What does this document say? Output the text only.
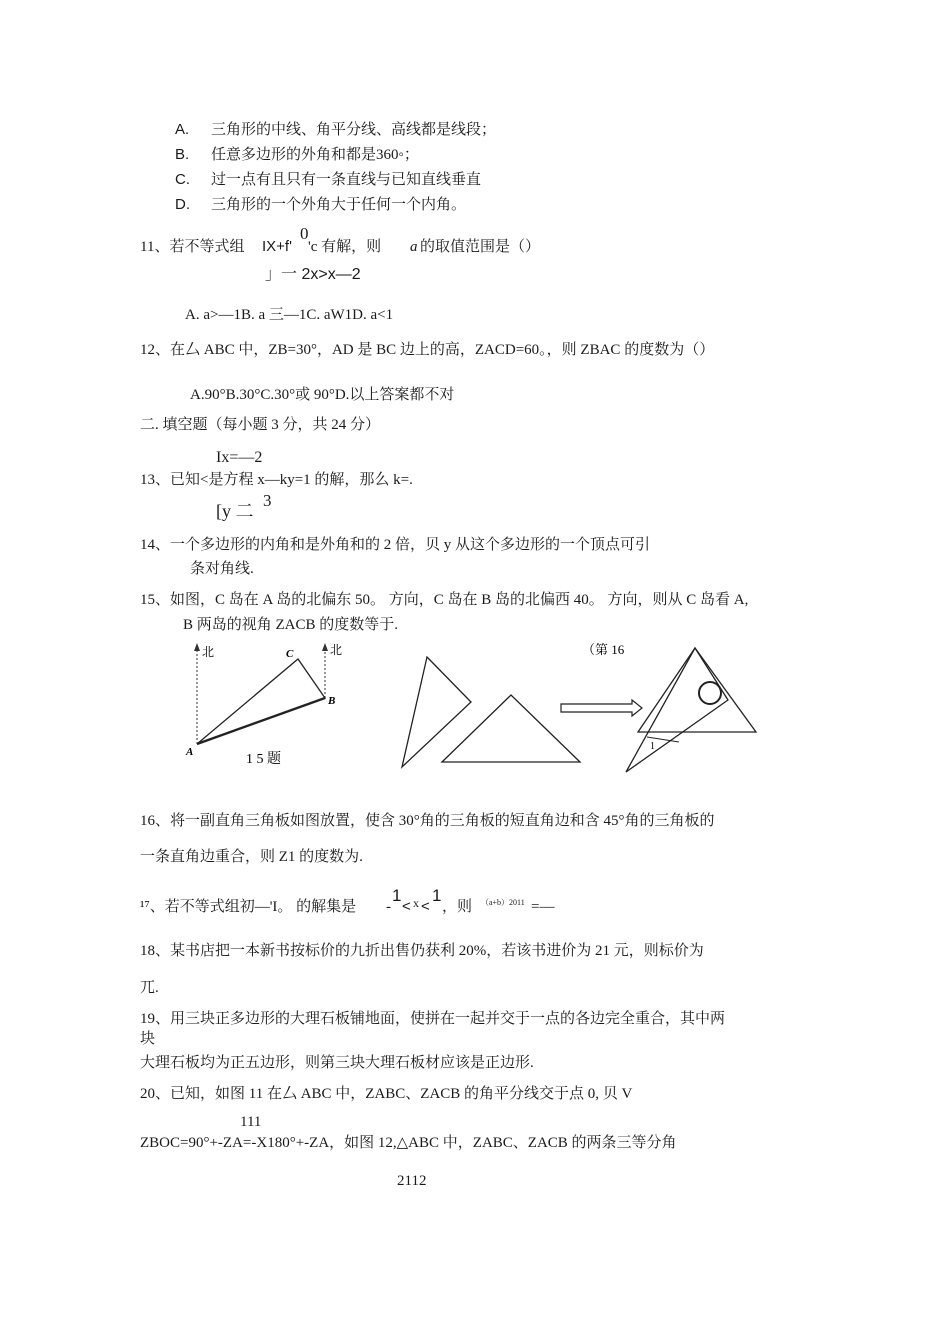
A. 三角形的中线、角平分线、高线都是线段；
B. 任意多边形的外角和都是360◦；
C. 过一点有且只有一条直线与已知直线垂直
D. 三角形的一个外角大于任何一个内角。
11、若不等式组 IX+f'
0
'c 有解，则 a 的取值范围是（）
」一 2x>x—2
A. a>—1B. a 三—1C. aW1D. a<1
12、在厶 ABC 中，ZB=30°，AD 是 BC 边上的高，ZACD=60。，则 ZBAC 的度数为（）
A.90°B.30°C.30°或 90°D.以上答案都不对
二. 填空题（每小题 3 分，共 24 分）
Ix=—2
13、已知<是方程 x—ky=1 的解，那么 k=.
[y 二
3
14、一个多边形的内角和是外角和的 2 倍，贝 y 从这个多边形的一个顶点可引
条对角线.
15、如图，C 岛在 A 岛的北偏东 50。 方向，C 岛在 B 岛的北偏西 40。 方向，则从 C 岛看 A,
B 两岛的视角 ZACB 的度数等于.
北	北
A
B
C
1 5 题
1
（第 16
16、将一副直角三角板如图放置，使含 30°角的三角板的短直角边和含 45°角的三角板的
一条直角边重合，则 Z1 的度数为.
¹⁷、若不等式组初—'I。 的解集是 -
1
< x <
1
，则 （a+b）2011 =—
18、某书店把一本新书按标价的九折出售仍获利 20%，若该书进价为 21 元，则标价为
兀.
19、用三块正多边形的大理石板铺地面，使拼在一起并交于一点的各边完全重合，其中两
块
大理石板均为正五边形，则第三块大理石板材应该是正边形.
20、已知，如图 11 在厶 ABC 中，ZABC、ZACB 的角平分线交于点 0, 贝 V
111
ZBOC=90°+-ZA=-X180°+-ZA，如图 12,△ABC 中，ZABC、ZACB 的两条三等分角
2112
